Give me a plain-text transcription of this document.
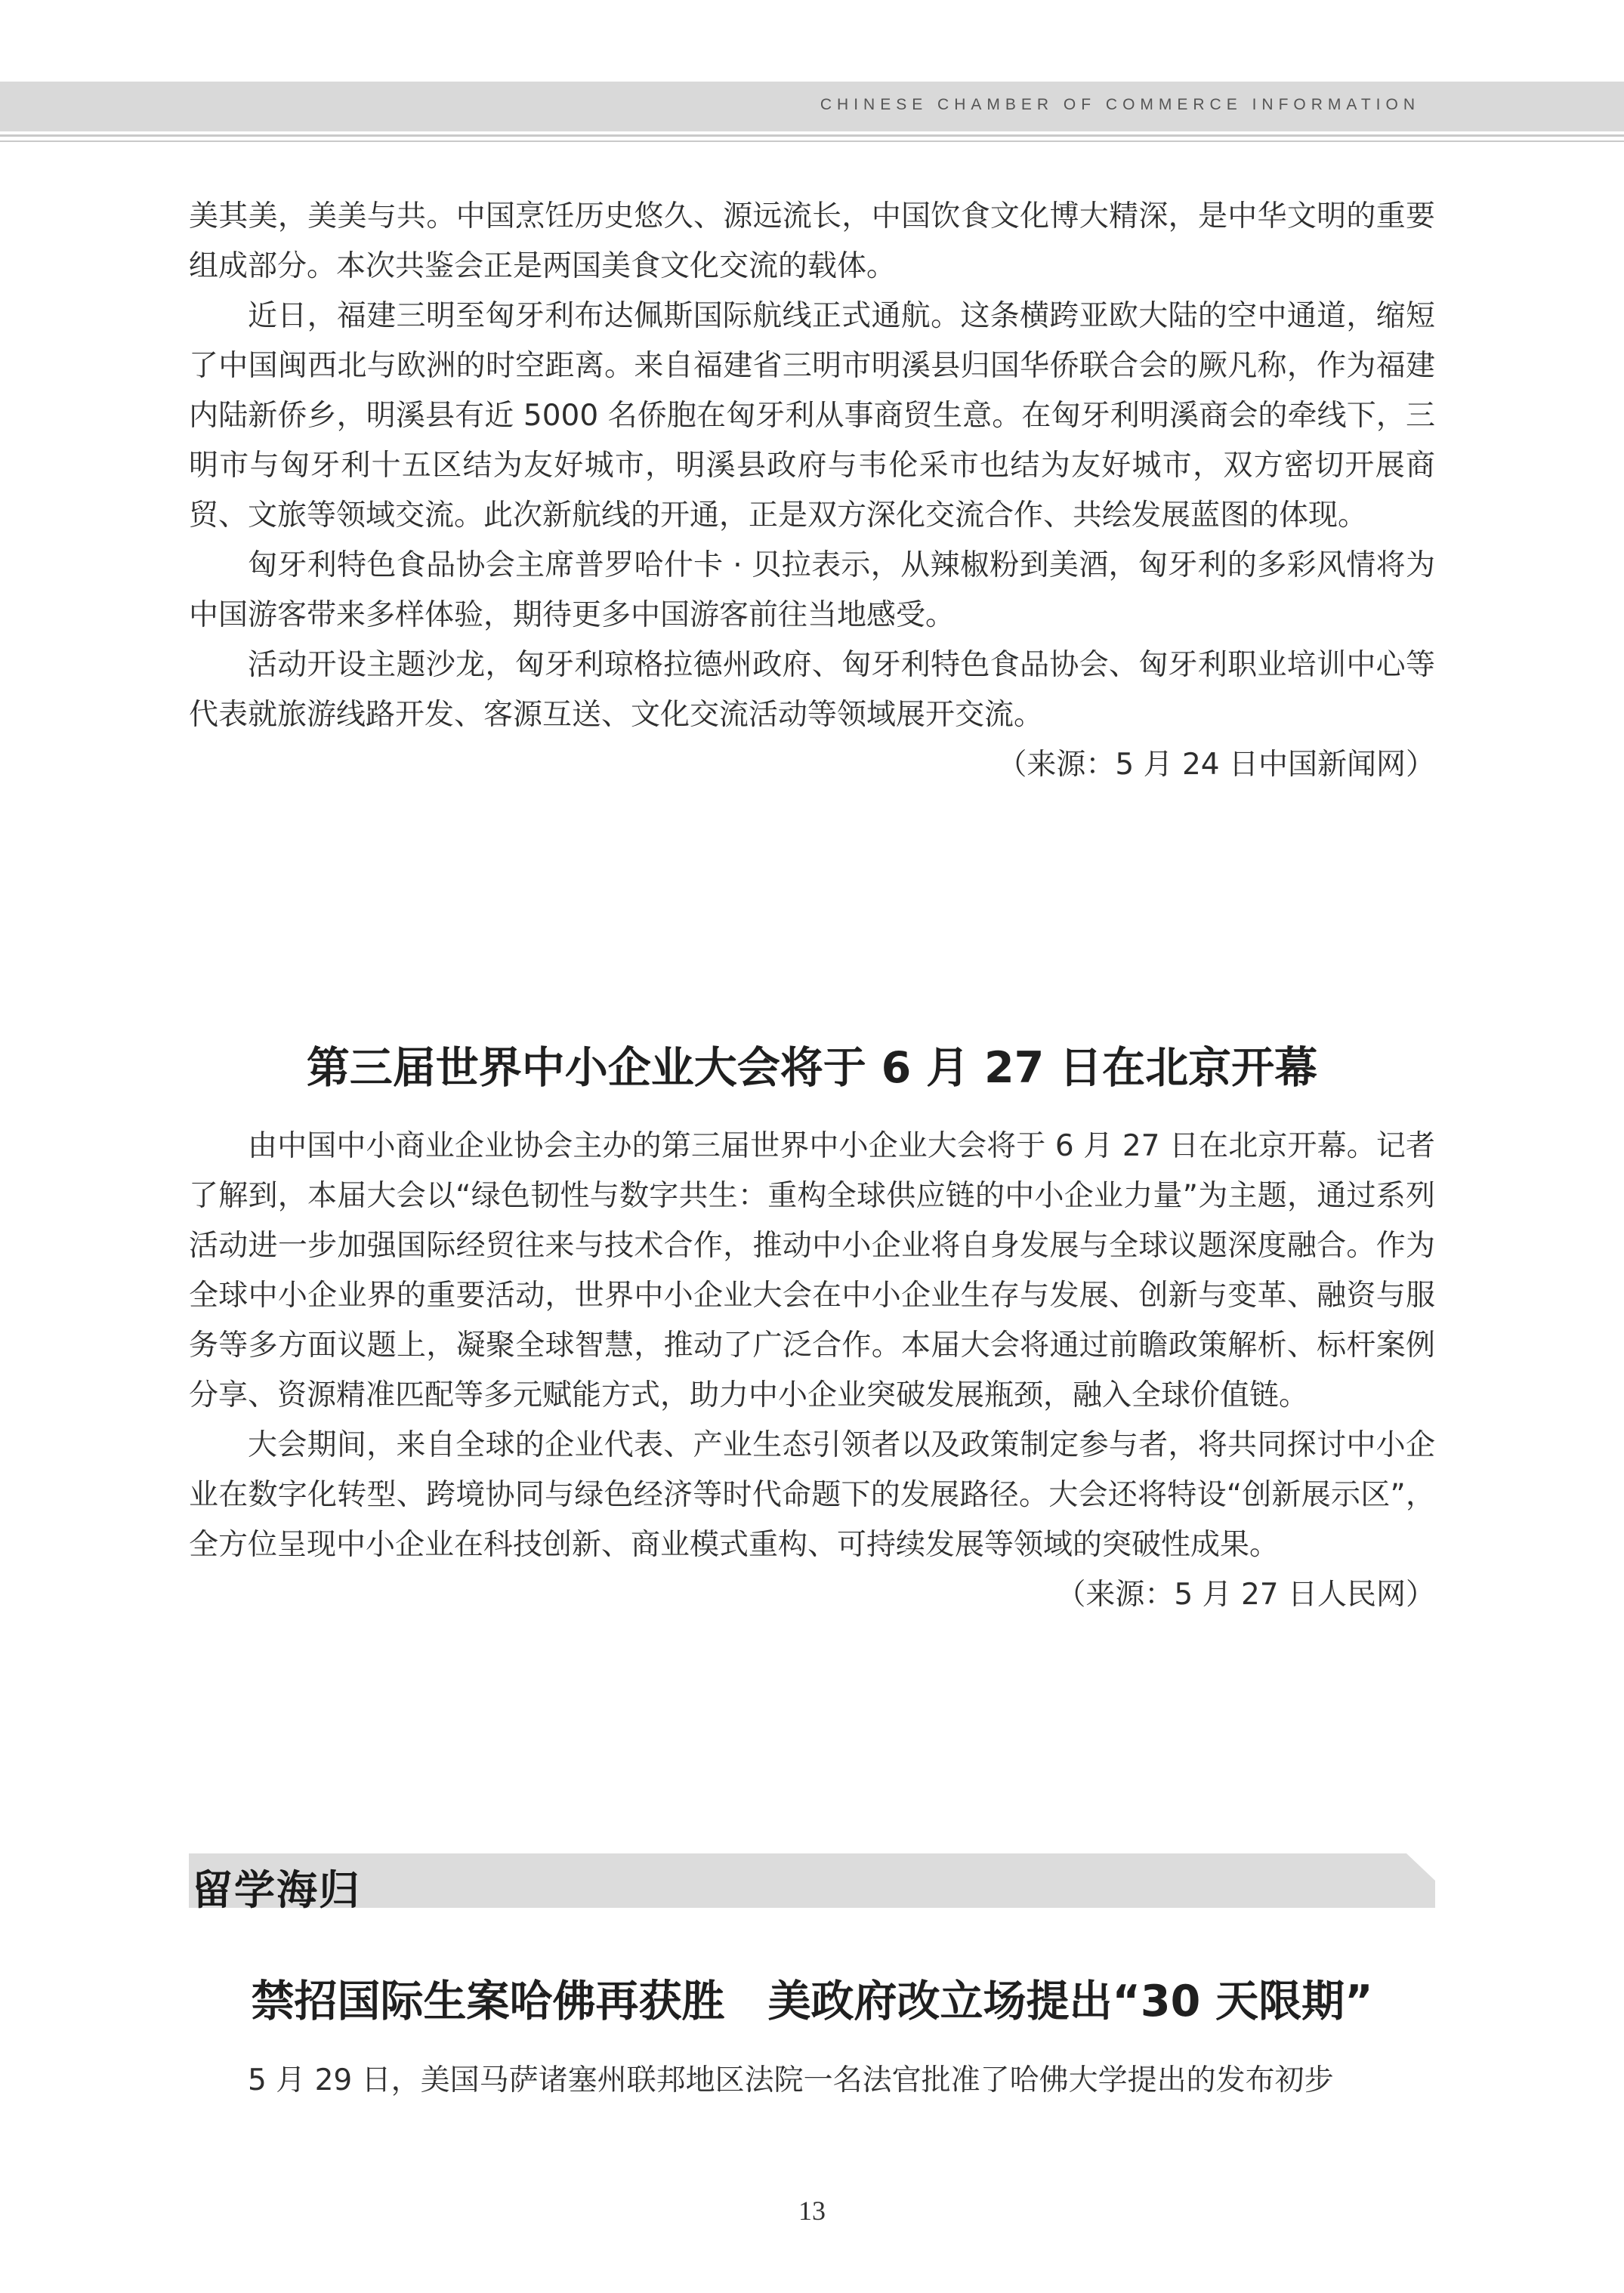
CHINESE CHAMBER OF COMMERCE INFORMATION

美其美，美美与共。中国烹饪历史悠久、源远流长，中国饮食文化博大精深，是中华文明的重要组成部分。本次共鉴会正是两国美食文化交流的载体。

近日，福建三明至匈牙利布达佩斯国际航线正式通航。这条横跨亚欧大陆的空中通道，缩短了中国闽西北与欧洲的时空距离。来自福建省三明市明溪县归国华侨联合会的厥凡称，作为福建内陆新侨乡，明溪县有近 5000 名侨胞在匈牙利从事商贸生意。在匈牙利明溪商会的牵线下，三明市与匈牙利十五区结为友好城市，明溪县政府与韦伦采市也结为友好城市，双方密切开展商贸、文旅等领域交流。此次新航线的开通，正是双方深化交流合作、共绘发展蓝图的体现。

匈牙利特色食品协会主席普罗哈什卡 · 贝拉表示，从辣椒粉到美酒，匈牙利的多彩风情将为中国游客带来多样体验，期待更多中国游客前往当地感受。

活动开设主题沙龙，匈牙利琼格拉德州政府、匈牙利特色食品协会、匈牙利职业培训中心等代表就旅游线路开发、客源互送、文化交流活动等领域展开交流。

（来源：5 月 24 日中国新闻网）

第三届世界中小企业大会将于 6 月 27 日在北京开幕

由中国中小商业企业协会主办的第三届世界中小企业大会将于 6 月 27 日在北京开幕。记者了解到，本届大会以“绿色韧性与数字共生：重构全球供应链的中小企业力量”为主题，通过系列活动进一步加强国际经贸往来与技术合作，推动中小企业将自身发展与全球议题深度融合。作为全球中小企业界的重要活动，世界中小企业大会在中小企业生存与发展、创新与变革、融资与服务等多方面议题上，凝聚全球智慧，推动了广泛合作。本届大会将通过前瞻政策解析、标杆案例分享、资源精准匹配等多元赋能方式，助力中小企业突破发展瓶颈，融入全球价值链。

大会期间，来自全球的企业代表、产业生态引领者以及政策制定参与者，将共同探讨中小企业在数字化转型、跨境协同与绿色经济等时代命题下的发展路径。大会还将特设“创新展示区”，全方位呈现中小企业在科技创新、商业模式重构、可持续发展等领域的突破性成果。

（来源：5 月 27 日人民网）

留学海归
禁招国际生案哈佛再获胜　美政府改立场提出“30 天限期”

5 月 29 日，美国马萨诸塞州联邦地区法院一名法官批准了哈佛大学提出的发布初步

13
